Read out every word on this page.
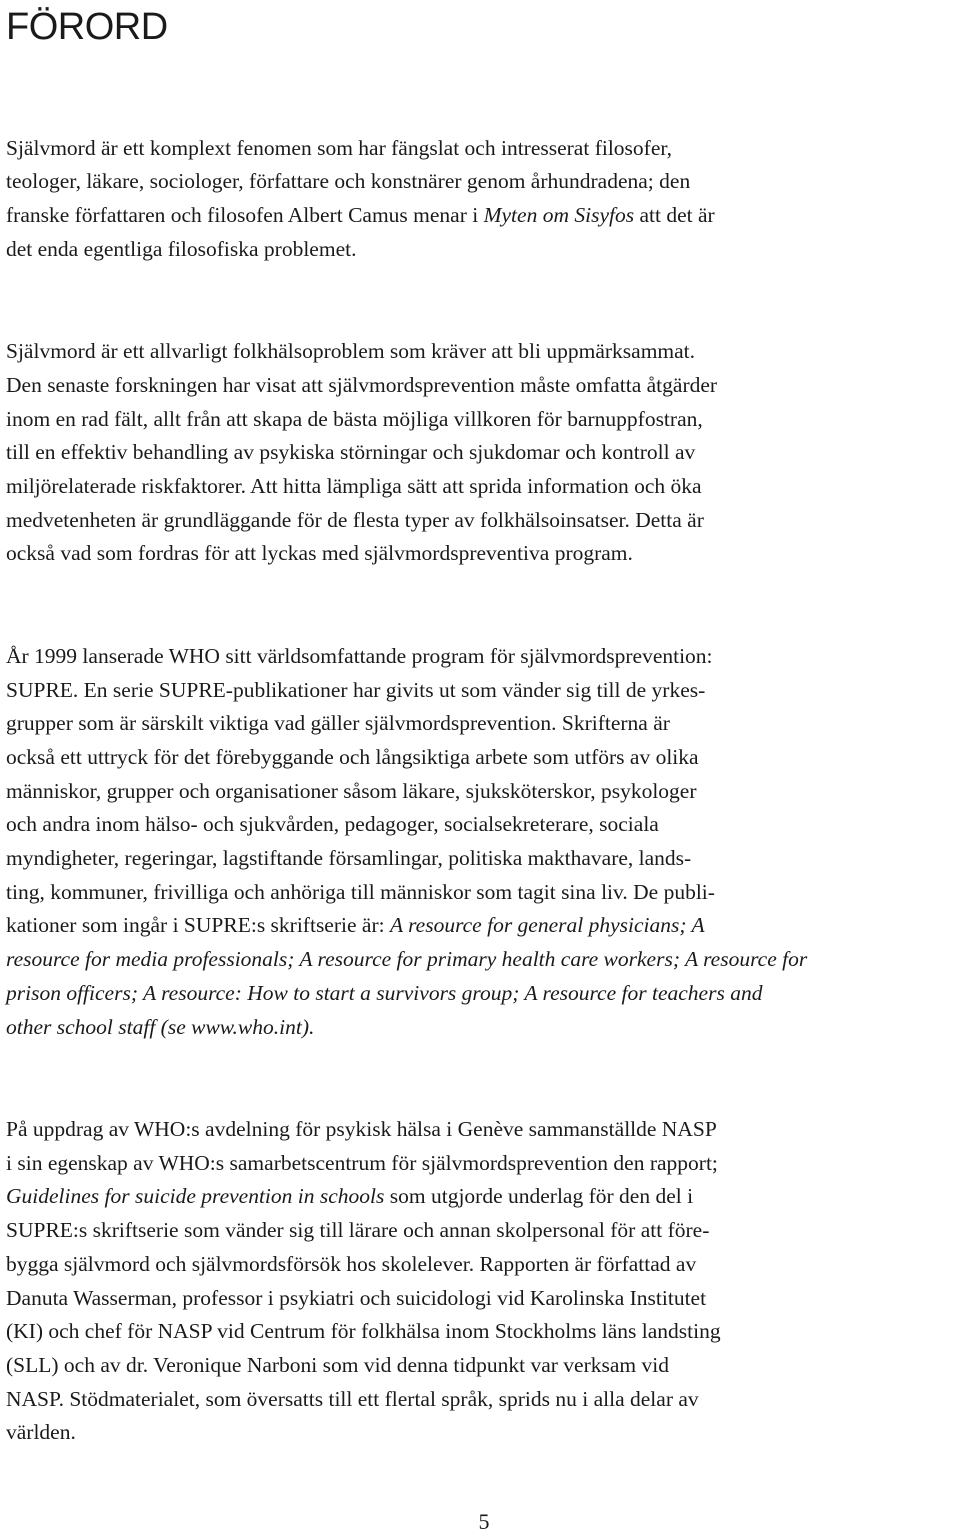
FÖRORD

Självmord är ett komplext fenomen som har fängslat och intresserat filosofer,
teologer, läkare, sociologer, författare och konstnärer genom århundradena; den
franske författaren och filosofen Albert Camus menar i Myten om Sisyfos att det är
det enda egentliga filosofiska problemet.

Självmord är ett allvarligt folkhälsoproblem som kräver att bli uppmärksammat.
Den senaste forskningen har visat att självmordsprevention måste omfatta åtgärder
inom en rad fält, allt från att skapa de bästa möjliga villkoren för barnuppfostran,
till en effektiv behandling av psykiska störningar och sjukdomar och kontroll av
miljörelaterade riskfaktorer. Att hitta lämpliga sätt att sprida information och öka
medvetenheten är grundläggande för de flesta typer av folkhälsoinsatser. Detta är
också vad som fordras för att lyckas med självmordspreventiva program.

År 1999 lanserade WHO sitt världsomfattande program för självmordsprevention:
SUPRE. En serie SUPRE-publikationer har givits ut som vänder sig till de yrkes-
grupper som är särskilt viktiga vad gäller självmordsprevention. Skrifterna är
också ett uttryck för det förebyggande och långsiktiga arbete som utförs av olika
människor, grupper och organisationer såsom läkare, sjuksköterskor, psykologer
och andra inom hälso- och sjukvården, pedagoger, socialsekreterare, sociala
myndigheter, regeringar, lagstiftande församlingar, politiska makthavare, lands-
ting, kommuner, frivilliga och anhöriga till människor som tagit sina liv. De publi-
kationer som ingår i SUPRE:s skriftserie är: A resource for general physicians; A
resource for media professionals; A resource for primary health care workers; A resource for
prison officers; A resource: How to start a survivors group; A resource for teachers and
other school staff (se www.who.int).

På uppdrag av WHO:s avdelning för psykisk hälsa i Genève sammanställde NASP
i sin egenskap av WHO:s samarbetscentrum för självmordsprevention den rapport;
Guidelines for suicide prevention in schools som utgjorde underlag för den del i
SUPRE:s skriftserie som vänder sig till lärare och annan skolpersonal för att före-
bygga självmord och självmordsförsök hos skolelever. Rapporten är författad av
Danuta Wasserman, professor i psykiatri och suicidologi vid Karolinska Institutet
(KI) och chef för NASP vid Centrum för folkhälsa inom Stockholms läns landsting
(SLL) och av dr. Veronique Narboni som vid denna tidpunkt var verksam vid
NASP. Stödmaterialet, som översatts till ett flertal språk, sprids nu i alla delar av
världen.

5
